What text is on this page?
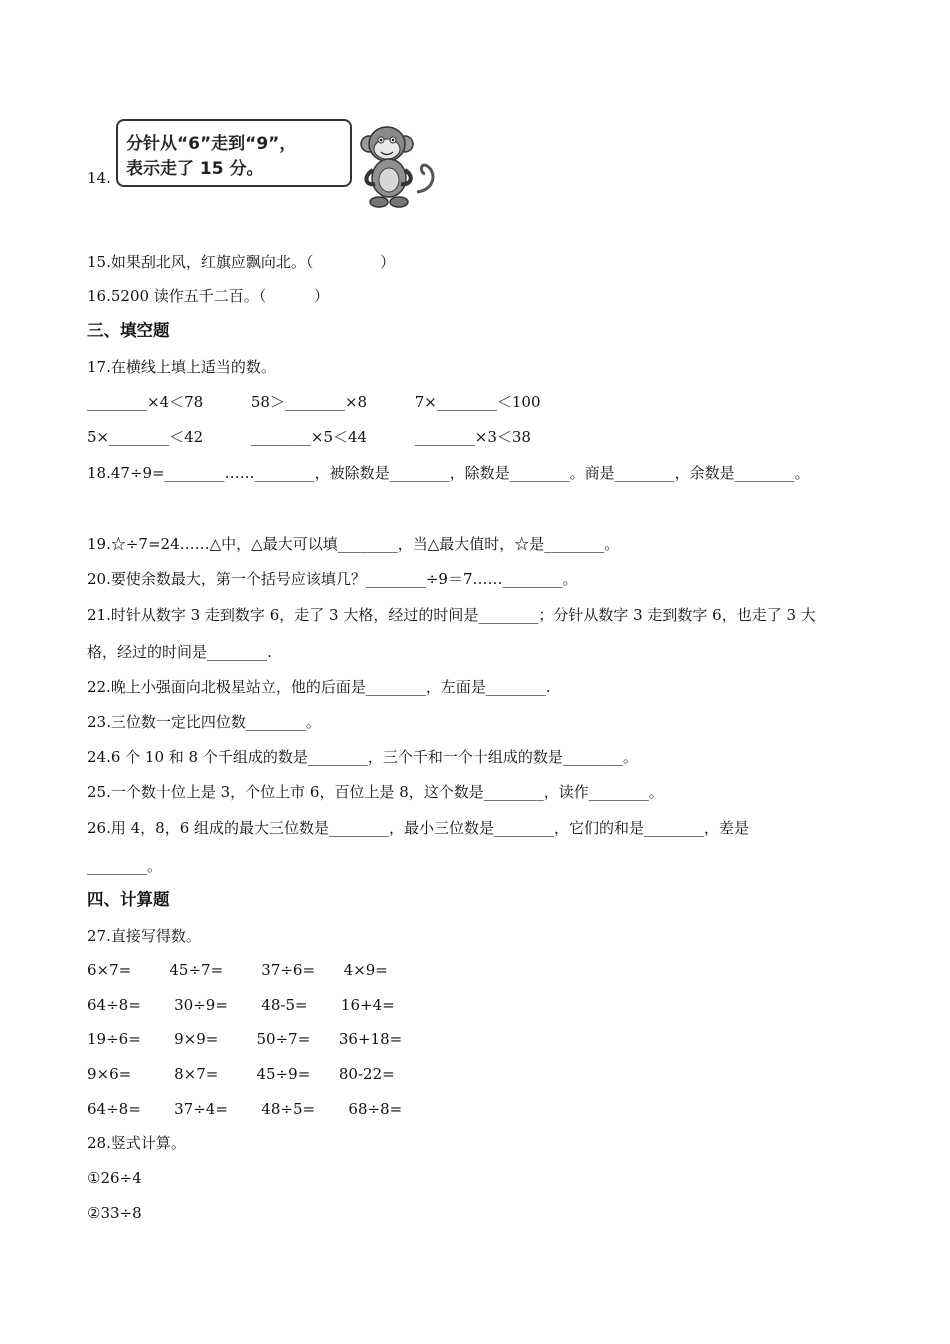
14.
分针从“6”走到“9”，
表示走了 15 分。
15.如果刮北风，红旗应飘向北。（              ）
16.5200 读作五千二百。（          ）
三、填空题
17.在横线上填上适当的数。
________×4＜78          58＞________×8          7×________＜100
5×________＜42          ________×5＜44          ________×3＜38
18.47÷9=________……________，被除数是________，除数是________。商是________，余数是________。
19.☆÷7=24……△中，△最大可以填________，当△最大值时，☆是________。
20.要使余数最大，第一个括号应该填几？________÷9＝7……________。
21.时针从数字 3 走到数字 6，走了 3 大格，经过的时间是________；分针从数字 3 走到数字 6，也走了 3 大
格，经过的时间是________.
22.晚上小强面向北极星站立，他的后面是________，左面是________.
23.三位数一定比四位数________。
24.6 个 10 和 8 个千组成的数是________，三个千和一个十组成的数是________。
25.一个数十位上是 3，个位上市 6，百位上是 8，这个数是________，读作________。
26.用 4，8，6 组成的最大三位数是________，最小三位数是________，它们的和是________，差是
________。
四、计算题
27.直接写得数。
6×7=        45÷7=        37÷6=      4×9=
64÷8=       30÷9=       48-5=       16+4=
19÷6=       9×9=        50÷7=      36+18=
9×6=         8×7=        45÷9=      80-22=
64÷8=       37÷4=       48÷5=       68÷8=
28.竖式计算。
①26÷4
②33÷8
